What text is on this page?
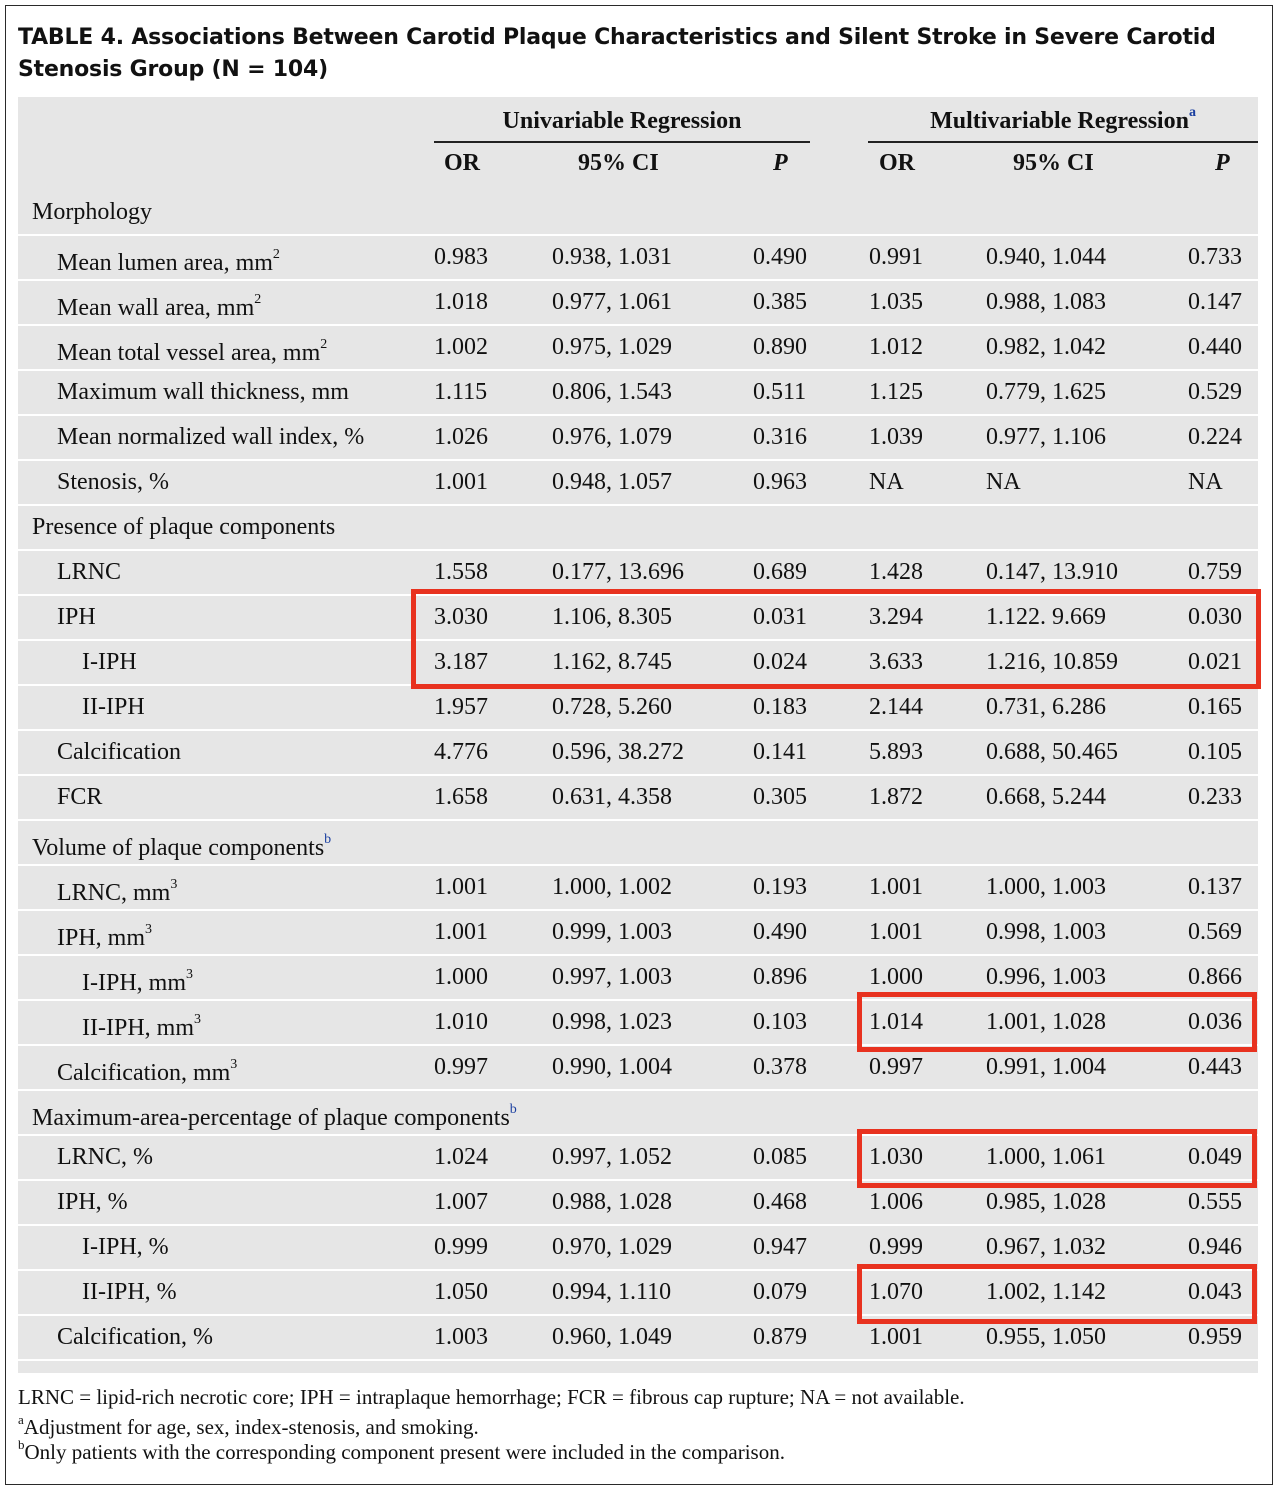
TABLE 4. Associations Between Carotid Plaque Characteristics and Silent Stroke in Severe Carotid Stenosis Group (N = 104)
Univariable Regression	Multivariable Regression$^a$
OR	95% CI	P	OR	95% CI	P
Morphology
Mean lumen area, $mm^2$	0.983	0.938, 1.031	0.490	0.991	0.940, 1.044	0.733
Mean wall area, $mm^2$	1.018	0.977, 1.061	0.385	1.035	0.988, 1.083	0.147
Mean total vessel area, $mm^2$	1.002	0.975, 1.029	0.890	1.012	0.982, 1.042	0.440
Maximum wall thickness, mm	1.115	0.806, 1.543	0.511	1.125	0.779, 1.625	0.529
Mean normalized wall index, %	1.026	0.976, 1.079	0.316	1.039	0.977, 1.106	0.224
Stenosis, %	1.001	0.948, 1.057	0.963	NA	NA	NA
Presence of plaque components
LRNC	1.558	0.177, 13.696	0.689	1.428	0.147, 13.910	0.759
IPH	3.030	1.106, 8.305	0.031	3.294	1.122. 9.669	0.030
I-IPH	3.187	1.162, 8.745	0.024	3.633	1.216, 10.859	0.021
II-IPH	1.957	0.728, 5.260	0.183	2.144	0.731, 6.286	0.165
Calcification	4.776	0.596, 38.272	0.141	5.893	0.688, 50.465	0.105
FCR	1.658	0.631, 4.358	0.305	1.872	0.668, 5.244	0.233
Volume of plaque components$^b$
LRNC, $mm^3$	1.001	1.000, 1.002	0.193	1.001	1.000, 1.003	0.137
IPH, $mm^3$	1.001	0.999, 1.003	0.490	1.001	0.998, 1.003	0.569
I-IPH, $mm^3$	1.000	0.997, 1.003	0.896	1.000	0.996, 1.003	0.866
II-IPH, $mm^3$	1.010	0.998, 1.023	0.103	1.014	1.001, 1.028	0.036
Calcification, $mm^3$	0.997	0.990, 1.004	0.378	0.997	0.991, 1.004	0.443
Maximum-area-percentage of plaque components$^b$
LRNC, %	1.024	0.997, 1.052	0.085	1.030	1.000, 1.061	0.049
IPH, %	1.007	0.988, 1.028	0.468	1.006	0.985, 1.028	0.555
I-IPH, %	0.999	0.970, 1.029	0.947	0.999	0.967, 1.032	0.946
II-IPH, %	1.050	0.994, 1.110	0.079	1.070	1.002, 1.142	0.043
Calcification, %	1.003	0.960, 1.049	0.879	1.001	0.955, 1.050	0.959
LRNC = lipid-rich necrotic core; IPH = intraplaque hemorrhage; FCR = fibrous cap rupture; NA = not available.
$^a$Adjustment for age, sex, index-stenosis, and smoking.
$^b$Only patients with the corresponding component present were included in the comparison.
